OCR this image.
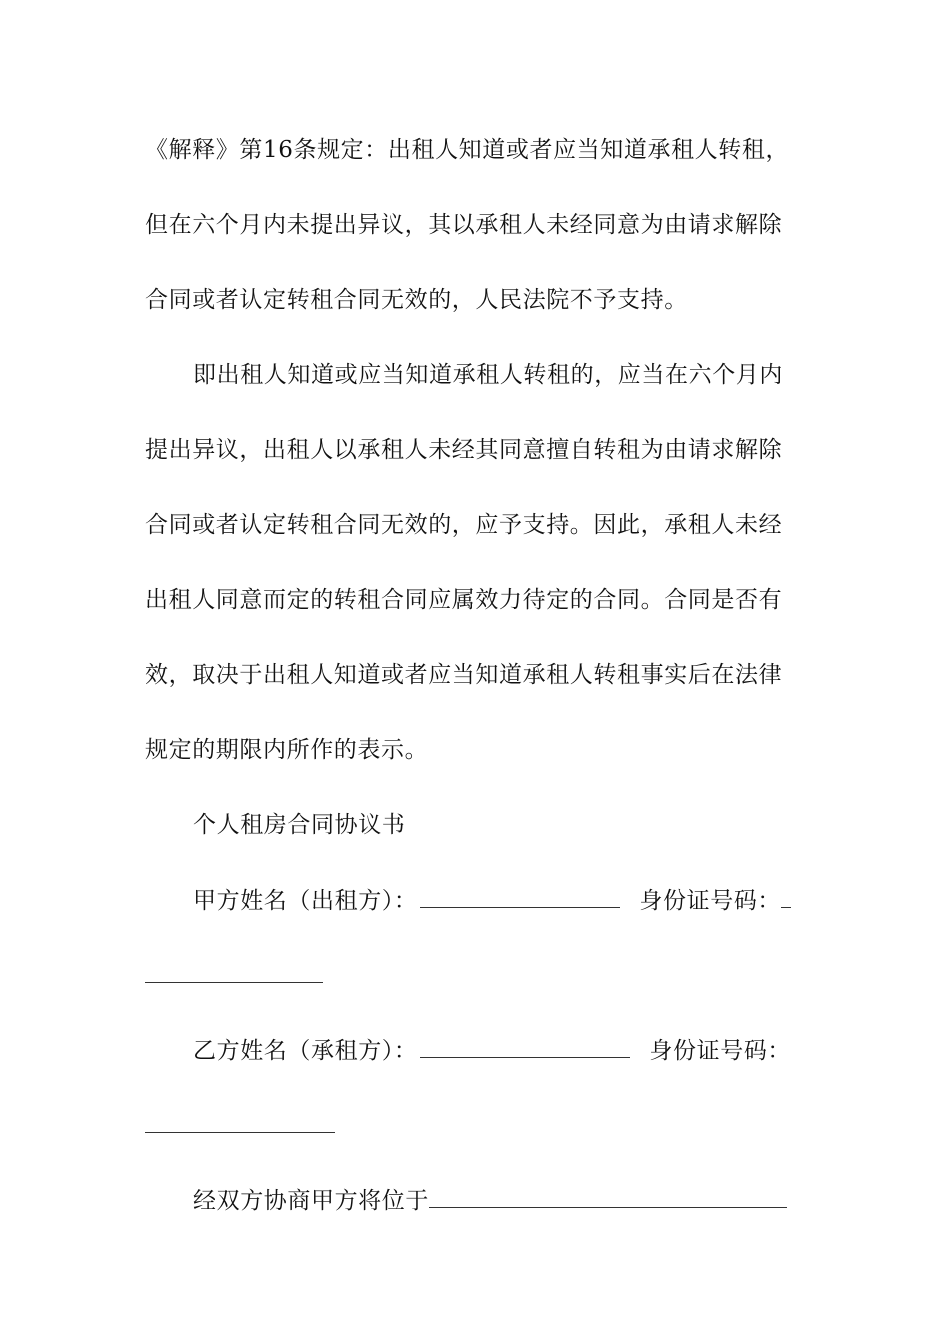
《解释》第16条规定：出租人知道或者应当知道承租人转租，
但在六个月内未提出异议，其以承租人未经同意为由请求解除
合同或者认定转租合同无效的，人民法院不予支持。
即出租人知道或应当知道承租人转租的，应当在六个月内
提出异议，出租人以承租人未经其同意擅自转租为由请求解除
合同或者认定转租合同无效的，应予支持。因此，承租人未经
出租人同意而定的转租合同应属效力待定的合同。合同是否有
效，取决于出租人知道或者应当知道承租人转租事实后在法律
规定的期限内所作的表示。
个人租房合同协议书
甲方姓名（出租方）：	身份证号码：
乙方姓名（承租方）：	身份证号码：
经双方协商甲方将位于
